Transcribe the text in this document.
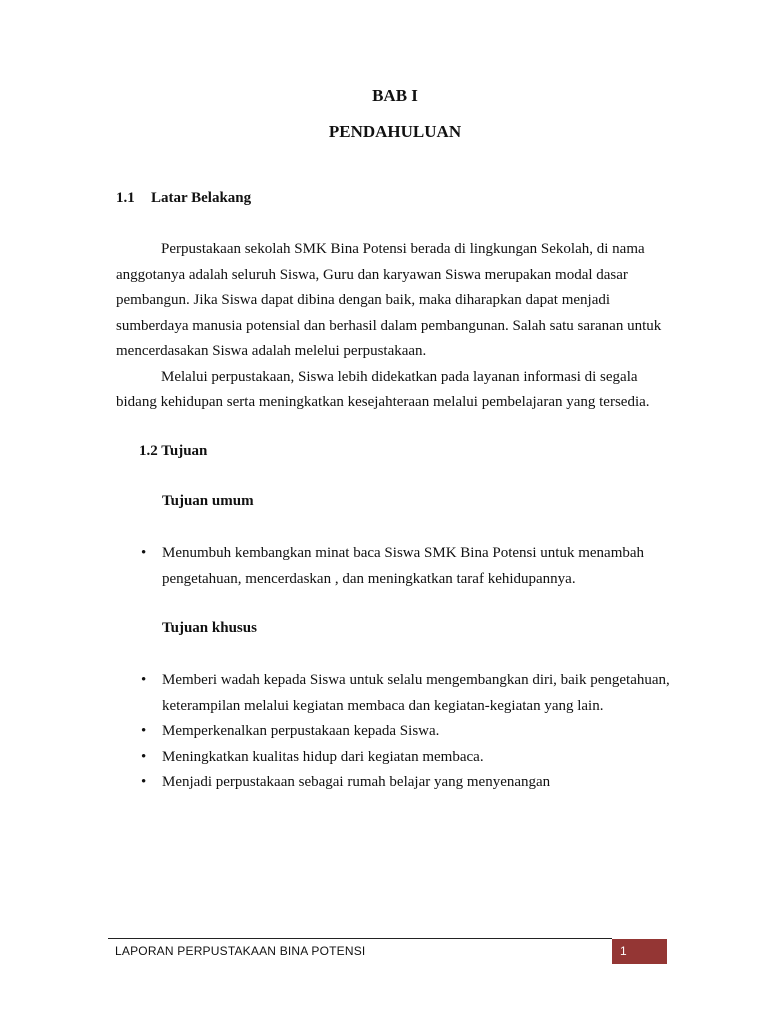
BAB I
PENDAHULUAN
1.1 Latar Belakang

Perpustakaan sekolah SMK Bina Potensi berada di lingkungan Sekolah, di nama anggotanya adalah seluruh Siswa, Guru dan karyawan Siswa merupakan modal dasar pembangun. Jika Siswa dapat dibina dengan baik, maka diharapkan dapat menjadi sumberdaya manusia potensial dan berhasil dalam pembangunan. Salah satu saranan untuk mencerdasakan Siswa adalah melelui perpustakaan.

Melalui perpustakaan, Siswa lebih didekatkan pada layanan informasi di segala bidang kehidupan serta meningkatkan kesejahteraan melalui pembelajaran yang tersedia.

1.2 Tujuan
Tujuan umum
• Menumbuh kembangkan minat baca Siswa SMK Bina Potensi untuk menambah pengetahuan, mencerdaskan , dan meningkatkan taraf kehidupannya.
Tujuan khusus
• Memberi wadah kepada Siswa untuk selalu mengembangkan diri, baik pengetahuan, keterampilan melalui kegiatan membaca dan kegiatan-kegiatan yang lain.
• Memperkenalkan perpustakaan kepada Siswa.
• Meningkatkan kualitas hidup dari kegiatan membaca.
• Menjadi perpustakaan sebagai rumah belajar yang menyenangan
LAPORAN PERPUSTAKAAN BINA POTENSI	1
